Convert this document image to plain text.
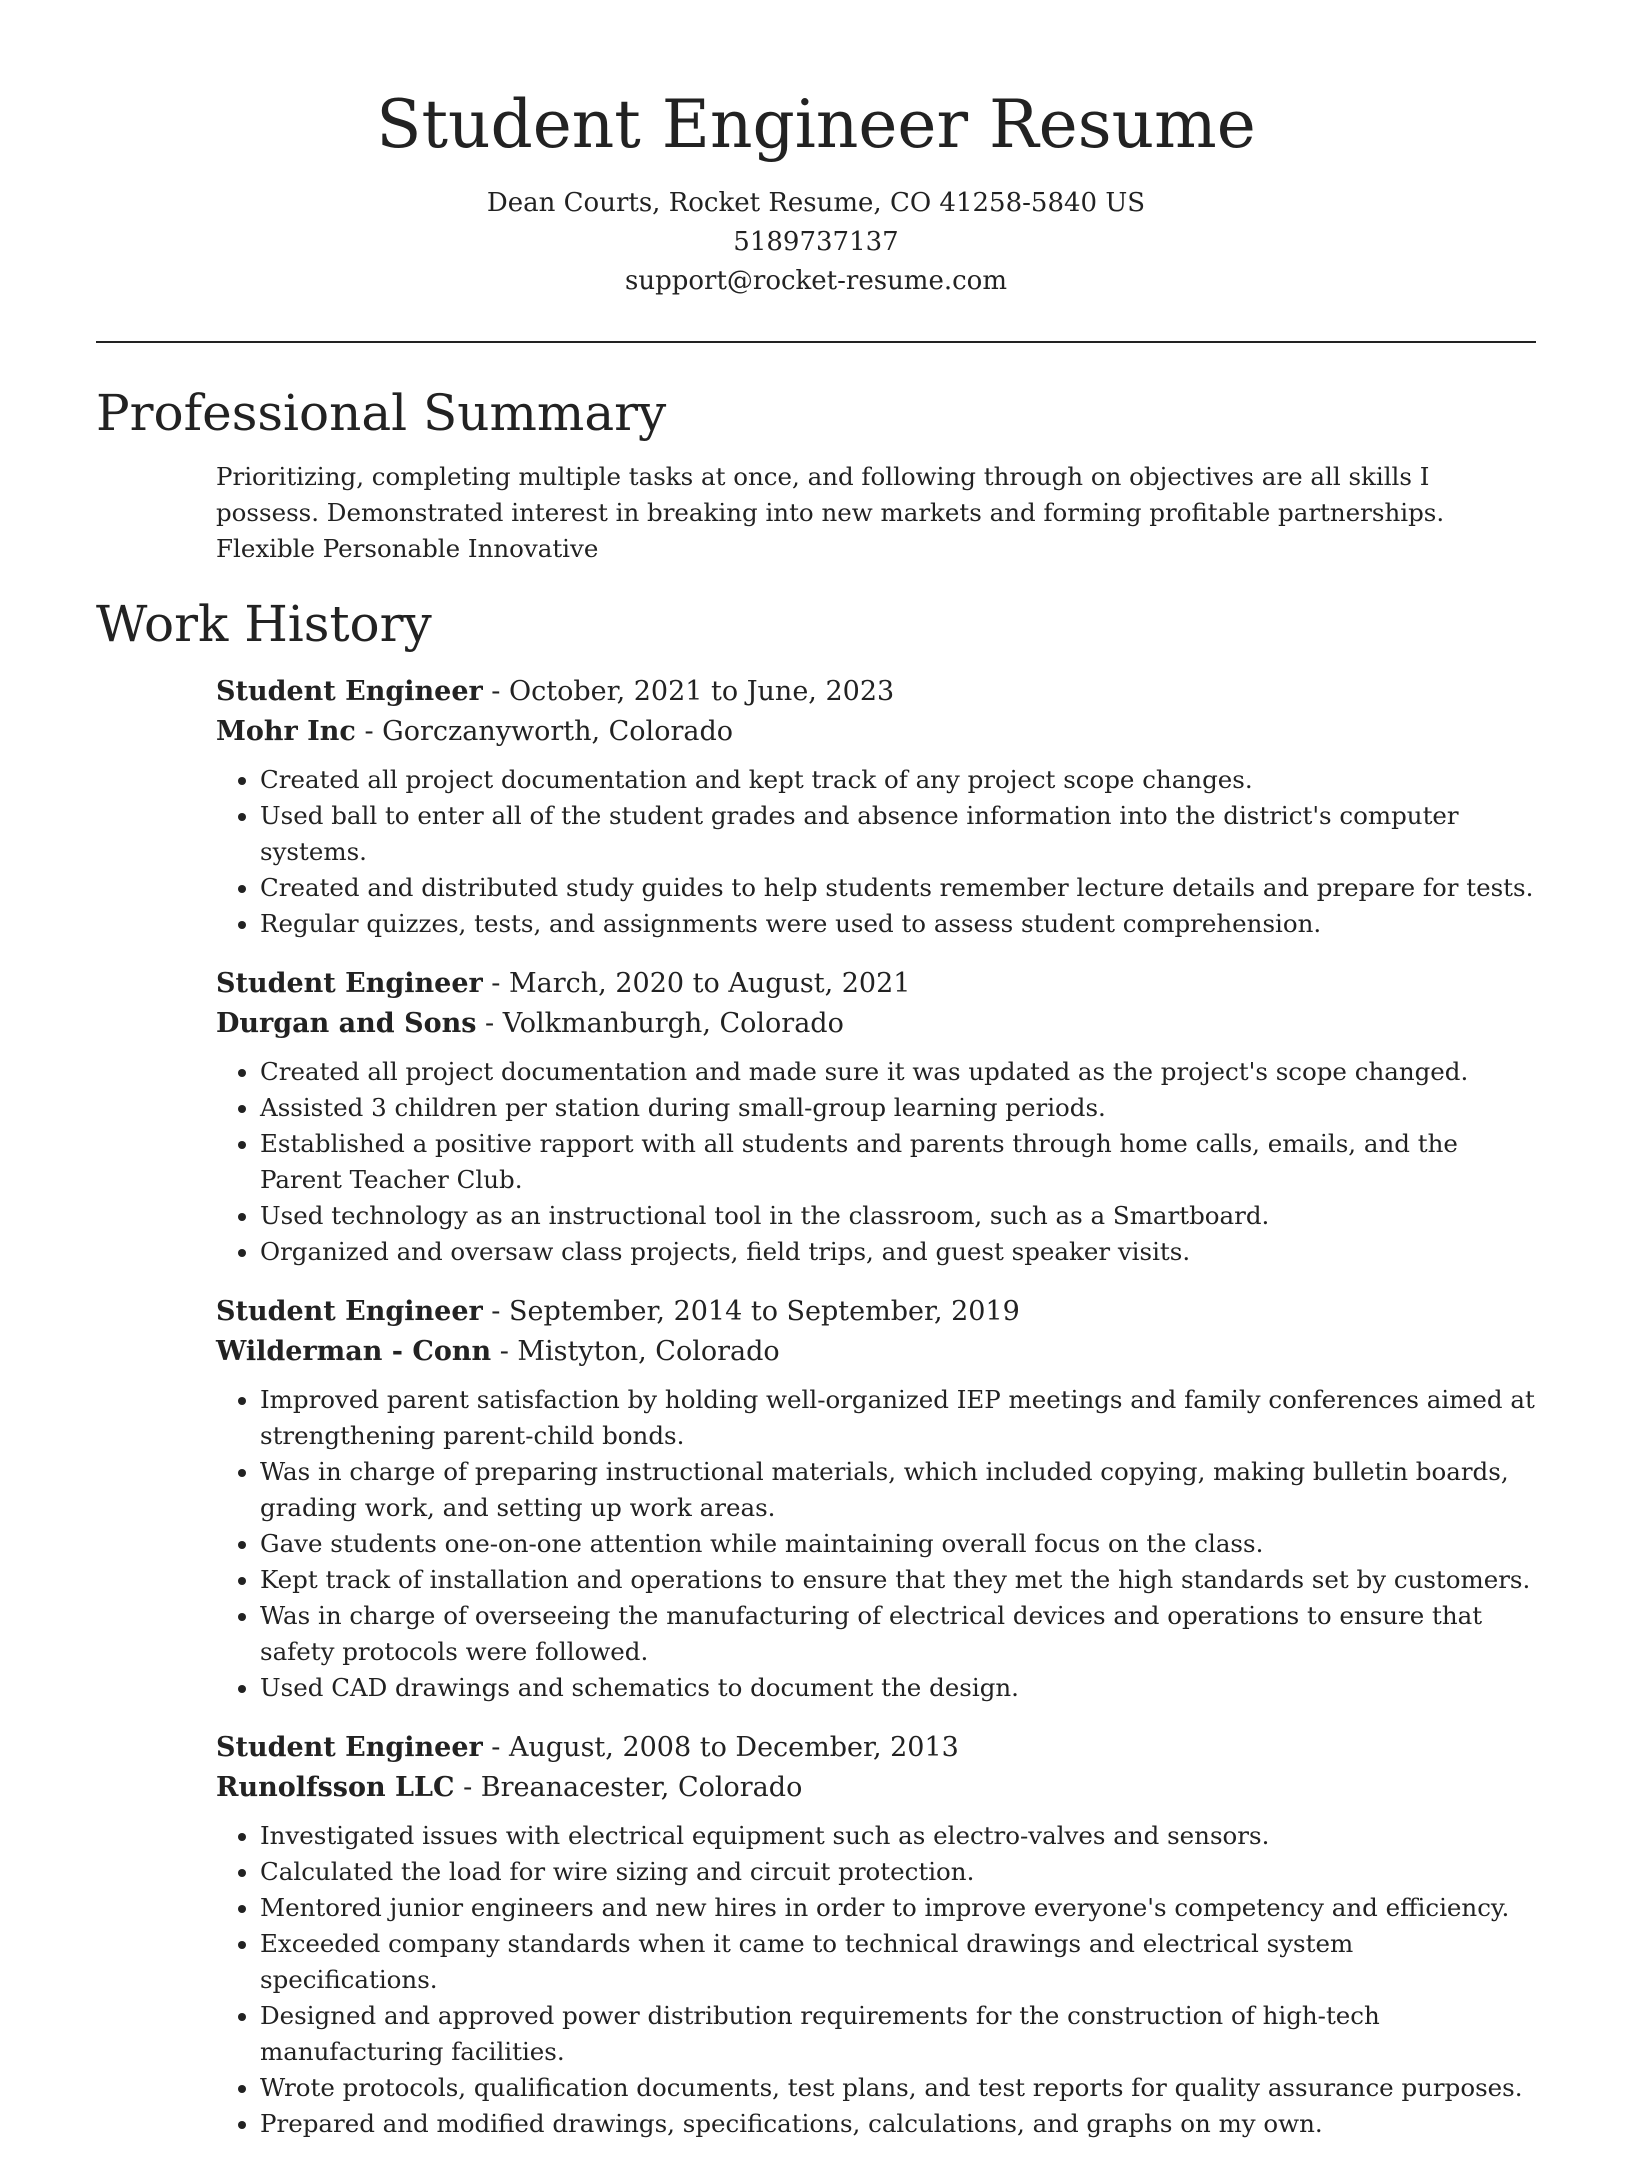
Student Engineer Resume

Dean Courts, Rocket Resume, CO 41258-5840 US

5189737137

support@rocket-resume.com

Professional Summary

Prioritizing, completing multiple tasks at once, and following through on objectives are all skills I possess. Demonstrated interest in breaking into new markets and forming profitable partnerships. Flexible Personable Innovative

Work History

Student Engineer - October, 2021 to June, 2023

Mohr Inc - Gorczanyworth, Colorado

• Created all project documentation and kept track of any project scope changes.
• Used ball to enter all of the student grades and absence information into the district's computer systems.
• Created and distributed study guides to help students remember lecture details and prepare for tests.
• Regular quizzes, tests, and assignments were used to assess student comprehension.

Student Engineer - March, 2020 to August, 2021

Durgan and Sons - Volkmanburgh, Colorado

• Created all project documentation and made sure it was updated as the project's scope changed.
• Assisted 3 children per station during small-group learning periods.
• Established a positive rapport with all students and parents through home calls, emails, and the Parent Teacher Club.
• Used technology as an instructional tool in the classroom, such as a Smartboard.
• Organized and oversaw class projects, field trips, and guest speaker visits.

Student Engineer - September, 2014 to September, 2019

Wilderman - Conn - Mistyton, Colorado

• Improved parent satisfaction by holding well-organized IEP meetings and family conferences aimed at strengthening parent-child bonds.
• Was in charge of preparing instructional materials, which included copying, making bulletin boards, grading work, and setting up work areas.
• Gave students one-on-one attention while maintaining overall focus on the class.
• Kept track of installation and operations to ensure that they met the high standards set by customers.
• Was in charge of overseeing the manufacturing of electrical devices and operations to ensure that safety protocols were followed.
• Used CAD drawings and schematics to document the design.

Student Engineer - August, 2008 to December, 2013

Runolfsson LLC - Breanacester, Colorado

• Investigated issues with electrical equipment such as electro-valves and sensors.
• Calculated the load for wire sizing and circuit protection.
• Mentored junior engineers and new hires in order to improve everyone's competency and efficiency.
• Exceeded company standards when it came to technical drawings and electrical system specifications.
• Designed and approved power distribution requirements for the construction of high-tech manufacturing facilities.
• Wrote protocols, qualification documents, test plans, and test reports for quality assurance purposes.
• Prepared and modified drawings, specifications, calculations, and graphs on my own.
